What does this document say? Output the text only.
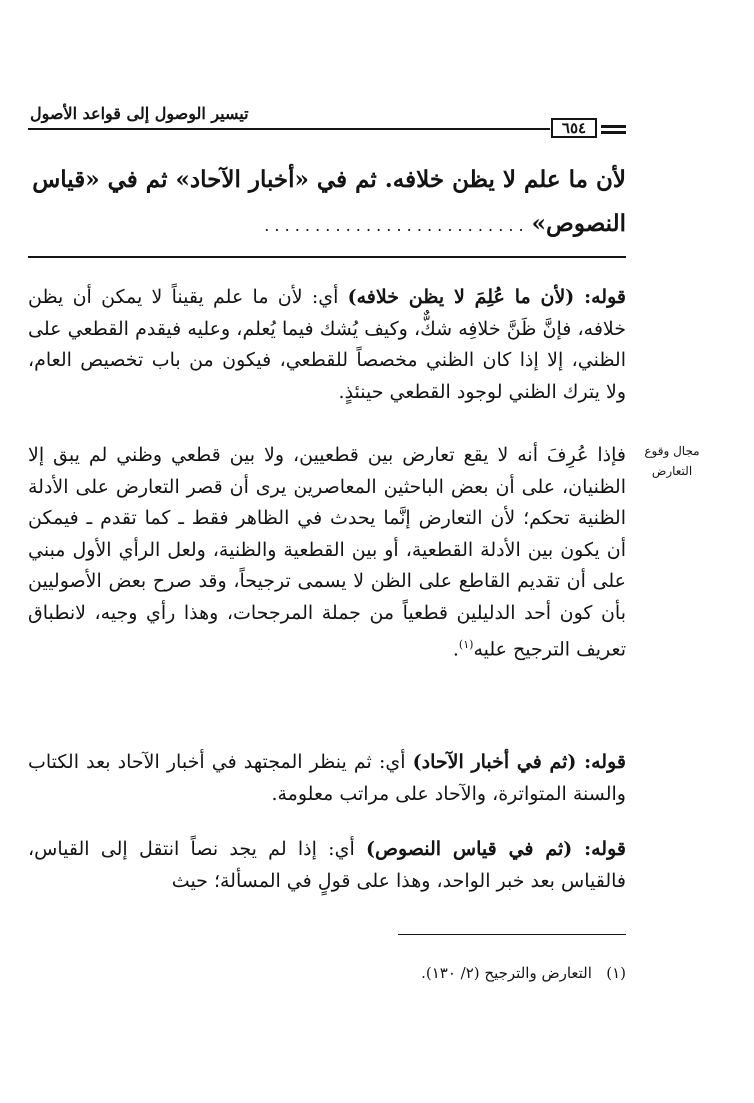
تيسير الوصول إلى قواعد الأصول
٦٥٤
لأن ما علم لا يظن خلافه. ثم في «أخبار الآحاد» ثم في «قياس
النصوص» . . . . . . . . . . . . . . . . . . . . . . . . . .
قوله: (لأن ما عُلِمَ لا يظن خلافه) أي: لأن ما علم يقيناً لا يمكن أن يظن خلافه، فإنَّ ظَنَّ خلافِه شكٌّ، وكيف يُشك فيما يُعلم، وعليه فيقدم القطعي على الظني، إلا إذا كان الظني مخصصاً للقطعي، فيكون من باب تخصيص العام، ولا يترك الظني لوجود القطعي حينئذٍ.
مجال وقوع
التعارض
فإذا عُرِفَ أنه لا يقع تعارض بين قطعيين، ولا بين قطعي وظني لم يبق إلا الظنيان، على أن بعض الباحثين المعاصرين يرى أن قصر التعارض على الأدلة الظنية تحكم؛ لأن التعارض إنَّما يحدث في الظاهر فقط ـ كما تقدم ـ فيمكن أن يكون بين الأدلة القطعية، أو بين القطعية والظنية، ولعل الرأي الأول مبني على أن تقديم القاطع على الظن لا يسمى ترجيحاً، وقد صرح بعض الأصوليين بأن كون أحد الدليلين قطعياً من جملة المرجحات، وهذا رأي وجيه، لانطباق تعريف الترجيح عليه$^{(١)}$.
قوله: (ثم في أخبار الآحاد) أي: ثم ينظر المجتهد في أخبار الآحاد بعد الكتاب والسنة المتواترة، والآحاد على مراتب معلومة.
قوله: (ثم في قياس النصوص) أي: إذا لم يجد نصاً انتقل إلى القياس، فالقياس بعد خبر الواحد، وهذا على قولٍ في المسألة؛ حيث
(١)   التعارض والترجيح (٢/ ١٣٠).
